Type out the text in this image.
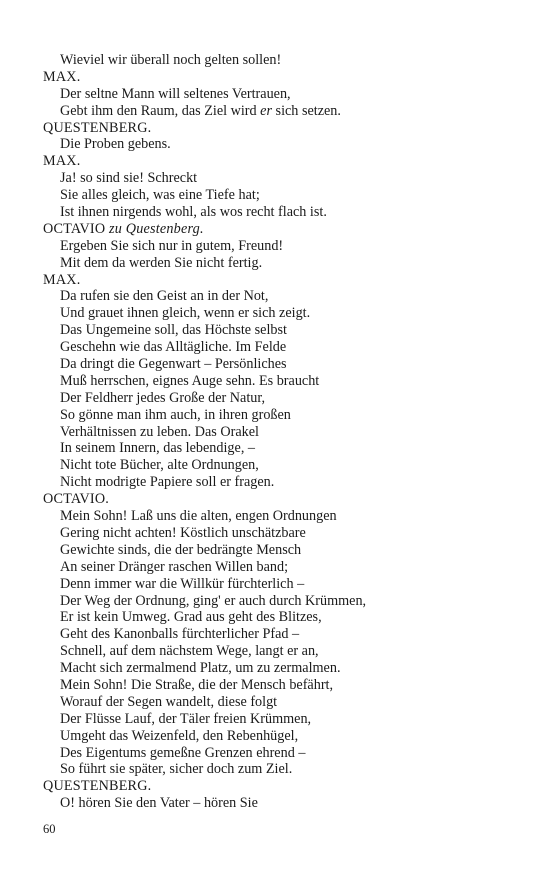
Wieviel wir überall noch gelten sollen!
MAX.
Der seltne Mann will seltenes Vertrauen,
Gebt ihm den Raum, das Ziel wird er sich setzen.
QUESTENBERG.
Die Proben gebens.
MAX.
Ja! so sind sie! Schreckt
Sie alles gleich, was eine Tiefe hat;
Ist ihnen nirgends wohl, als wos recht flach ist.
OCTAVIO zu Questenberg.
Ergeben Sie sich nur in gutem, Freund!
Mit dem da werden Sie nicht fertig.
MAX.
Da rufen sie den Geist an in der Not,
Und grauet ihnen gleich, wenn er sich zeigt.
Das Ungemeine soll, das Höchste selbst
Geschehn wie das Alltägliche. Im Felde
Da dringt die Gegenwart – Persönliches
Muß herrschen, eignes Auge sehn. Es braucht
Der Feldherr jedes Große der Natur,
So gönne man ihm auch, in ihren großen
Verhältnissen zu leben. Das Orakel
In seinem Innern, das lebendige, –
Nicht tote Bücher, alte Ordnungen,
Nicht modrigte Papiere soll er fragen.
OCTAVIO.
Mein Sohn! Laß uns die alten, engen Ordnungen
Gering nicht achten! Köstlich unschätzbare
Gewichte sinds, die der bedrängte Mensch
An seiner Dränger raschen Willen band;
Denn immer war die Willkür fürchterlich –
Der Weg der Ordnung, ging' er auch durch Krümmen,
Er ist kein Umweg. Grad aus geht des Blitzes,
Geht des Kanonballs fürchterlicher Pfad –
Schnell, auf dem nächstem Wege, langt er an,
Macht sich zermalmend Platz, um zu zermalmen.
Mein Sohn! Die Straße, die der Mensch befährt,
Worauf der Segen wandelt, diese folgt
Der Flüsse Lauf, der Täler freien Krümmen,
Umgeht das Weizenfeld, den Rebenhügel,
Des Eigentums gemeßne Grenzen ehrend –
So führt sie später, sicher doch zum Ziel.
QUESTENBERG.
O! hören Sie den Vater – hören Sie
60
